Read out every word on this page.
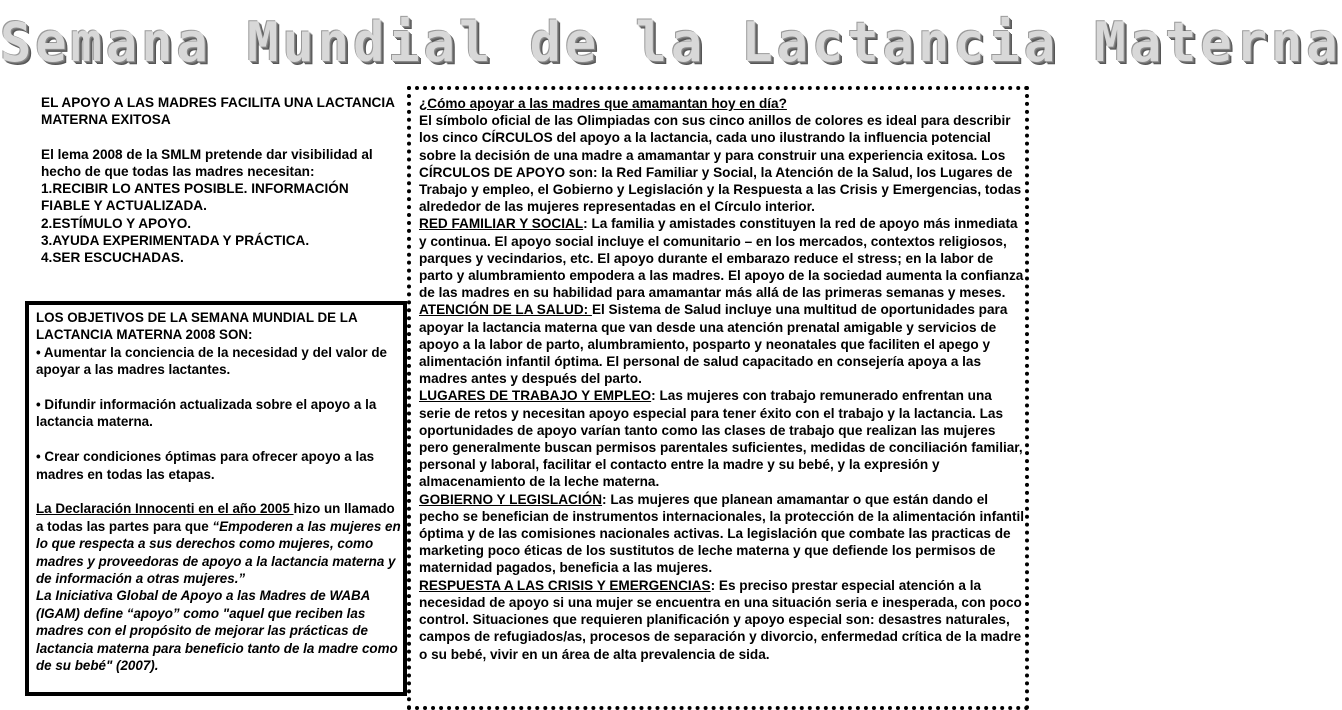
Semana Mundial de la Lactancia Materna

EL APOYO A LAS MADRES FACILITA UNA LACTANCIA MATERNA EXITOSA

El lema 2008 de la SMLM pretende dar visibilidad al hecho de que todas las madres necesitan:

1.RECIBIR LO ANTES POSIBLE. INFORMACIÓN FIABLE Y ACTUALIZADA.

2.ESTÍMULO Y APOYO.

3.AYUDA EXPERIMENTADA Y PRÁCTICA.

4.SER ESCUCHADAS.

LOS OBJETIVOS DE LA SEMANA MUNDIAL DE LA LACTANCIA MATERNA 2008 SON:

• Aumentar la conciencia de la necesidad y del valor de apoyar a las madres lactantes.

• Difundir información actualizada sobre el apoyo a la lactancia materna.

• Crear condiciones óptimas para ofrecer apoyo a las madres en todas las etapas.

La Declaración Innocenti en el año 2005 hizo un llamado a todas las partes para que “Empoderen a las mujeres en lo que respecta a sus derechos como mujeres, como madres y proveedoras de apoyo a la lactancia materna y de información a otras mujeres.”

La Iniciativa Global de Apoyo a las Madres de WABA (IGAM) define “apoyo” como "aquel que reciben las madres con el propósito de mejorar las prácticas de lactancia materna para beneficio tanto de la madre como de su bebé" (2007).

¿Cómo apoyar a las madres que amamantan hoy en día?

El símbolo oficial de las Olimpiadas con sus cinco anillos de colores es ideal para describir los cinco CÍRCULOS del apoyo a la lactancia, cada uno ilustrando la influencia potencial sobre la decisión de una madre a amamantar y para construir una experiencia exitosa. Los CÍRCULOS DE APOYO son: la Red Familiar y Social, la Atención de la Salud, los Lugares de Trabajo y empleo, el Gobierno y Legislación y la Respuesta a las Crisis y Emergencias, todas alrededor de las mujeres representadas en el Círculo interior.

RED FAMILIAR Y SOCIAL: La familia y amistades constituyen la red de apoyo más inmediata y continua. El apoyo social incluye el comunitario – en los mercados, contextos religiosos, parques y vecindarios, etc. El apoyo durante el embarazo reduce el stress; en la labor de parto y alumbramiento empodera a las madres. El apoyo de la sociedad aumenta la confianza de las madres en su habilidad para amamantar más allá de las primeras semanas y meses.

ATENCIÓN DE LA SALUD: El Sistema de Salud incluye una multitud de oportunidades para apoyar la lactancia materna que van desde una atención prenatal amigable y servicios de apoyo a la labor de parto, alumbramiento, posparto y neonatales que faciliten el apego y alimentación infantil óptima. El personal de salud capacitado en consejería apoya a las madres antes y después del parto.

LUGARES DE TRABAJO Y EMPLEO: Las mujeres con trabajo remunerado enfrentan una serie de retos y necesitan apoyo especial para tener éxito con el trabajo y la lactancia. Las oportunidades de apoyo varían tanto como las clases de trabajo que realizan las mujeres pero generalmente buscan permisos parentales suficientes, medidas de conciliación familiar, personal y laboral, facilitar el contacto entre la madre y su bebé, y la expresión y almacenamiento de la leche materna.

GOBIERNO Y LEGISLACIÓN: Las mujeres que planean amamantar o que están dando el pecho se benefician de instrumentos internacionales, la protección de la alimentación infantil óptima y de las comisiones nacionales activas. La legislación que combate las practicas de marketing poco éticas de los sustitutos de leche materna y que defiende los permisos de maternidad pagados, beneficia a las mujeres.

RESPUESTA A LAS CRISIS Y EMERGENCIAS: Es preciso prestar especial atención a la necesidad de apoyo si una mujer se encuentra en una situación seria e inesperada, con poco control. Situaciones que requieren planificación y apoyo especial son: desastres naturales, campos de refugiados/as, procesos de separación y divorcio, enfermedad crítica de la madre o su bebé, vivir en un área de alta prevalencia de sida.
